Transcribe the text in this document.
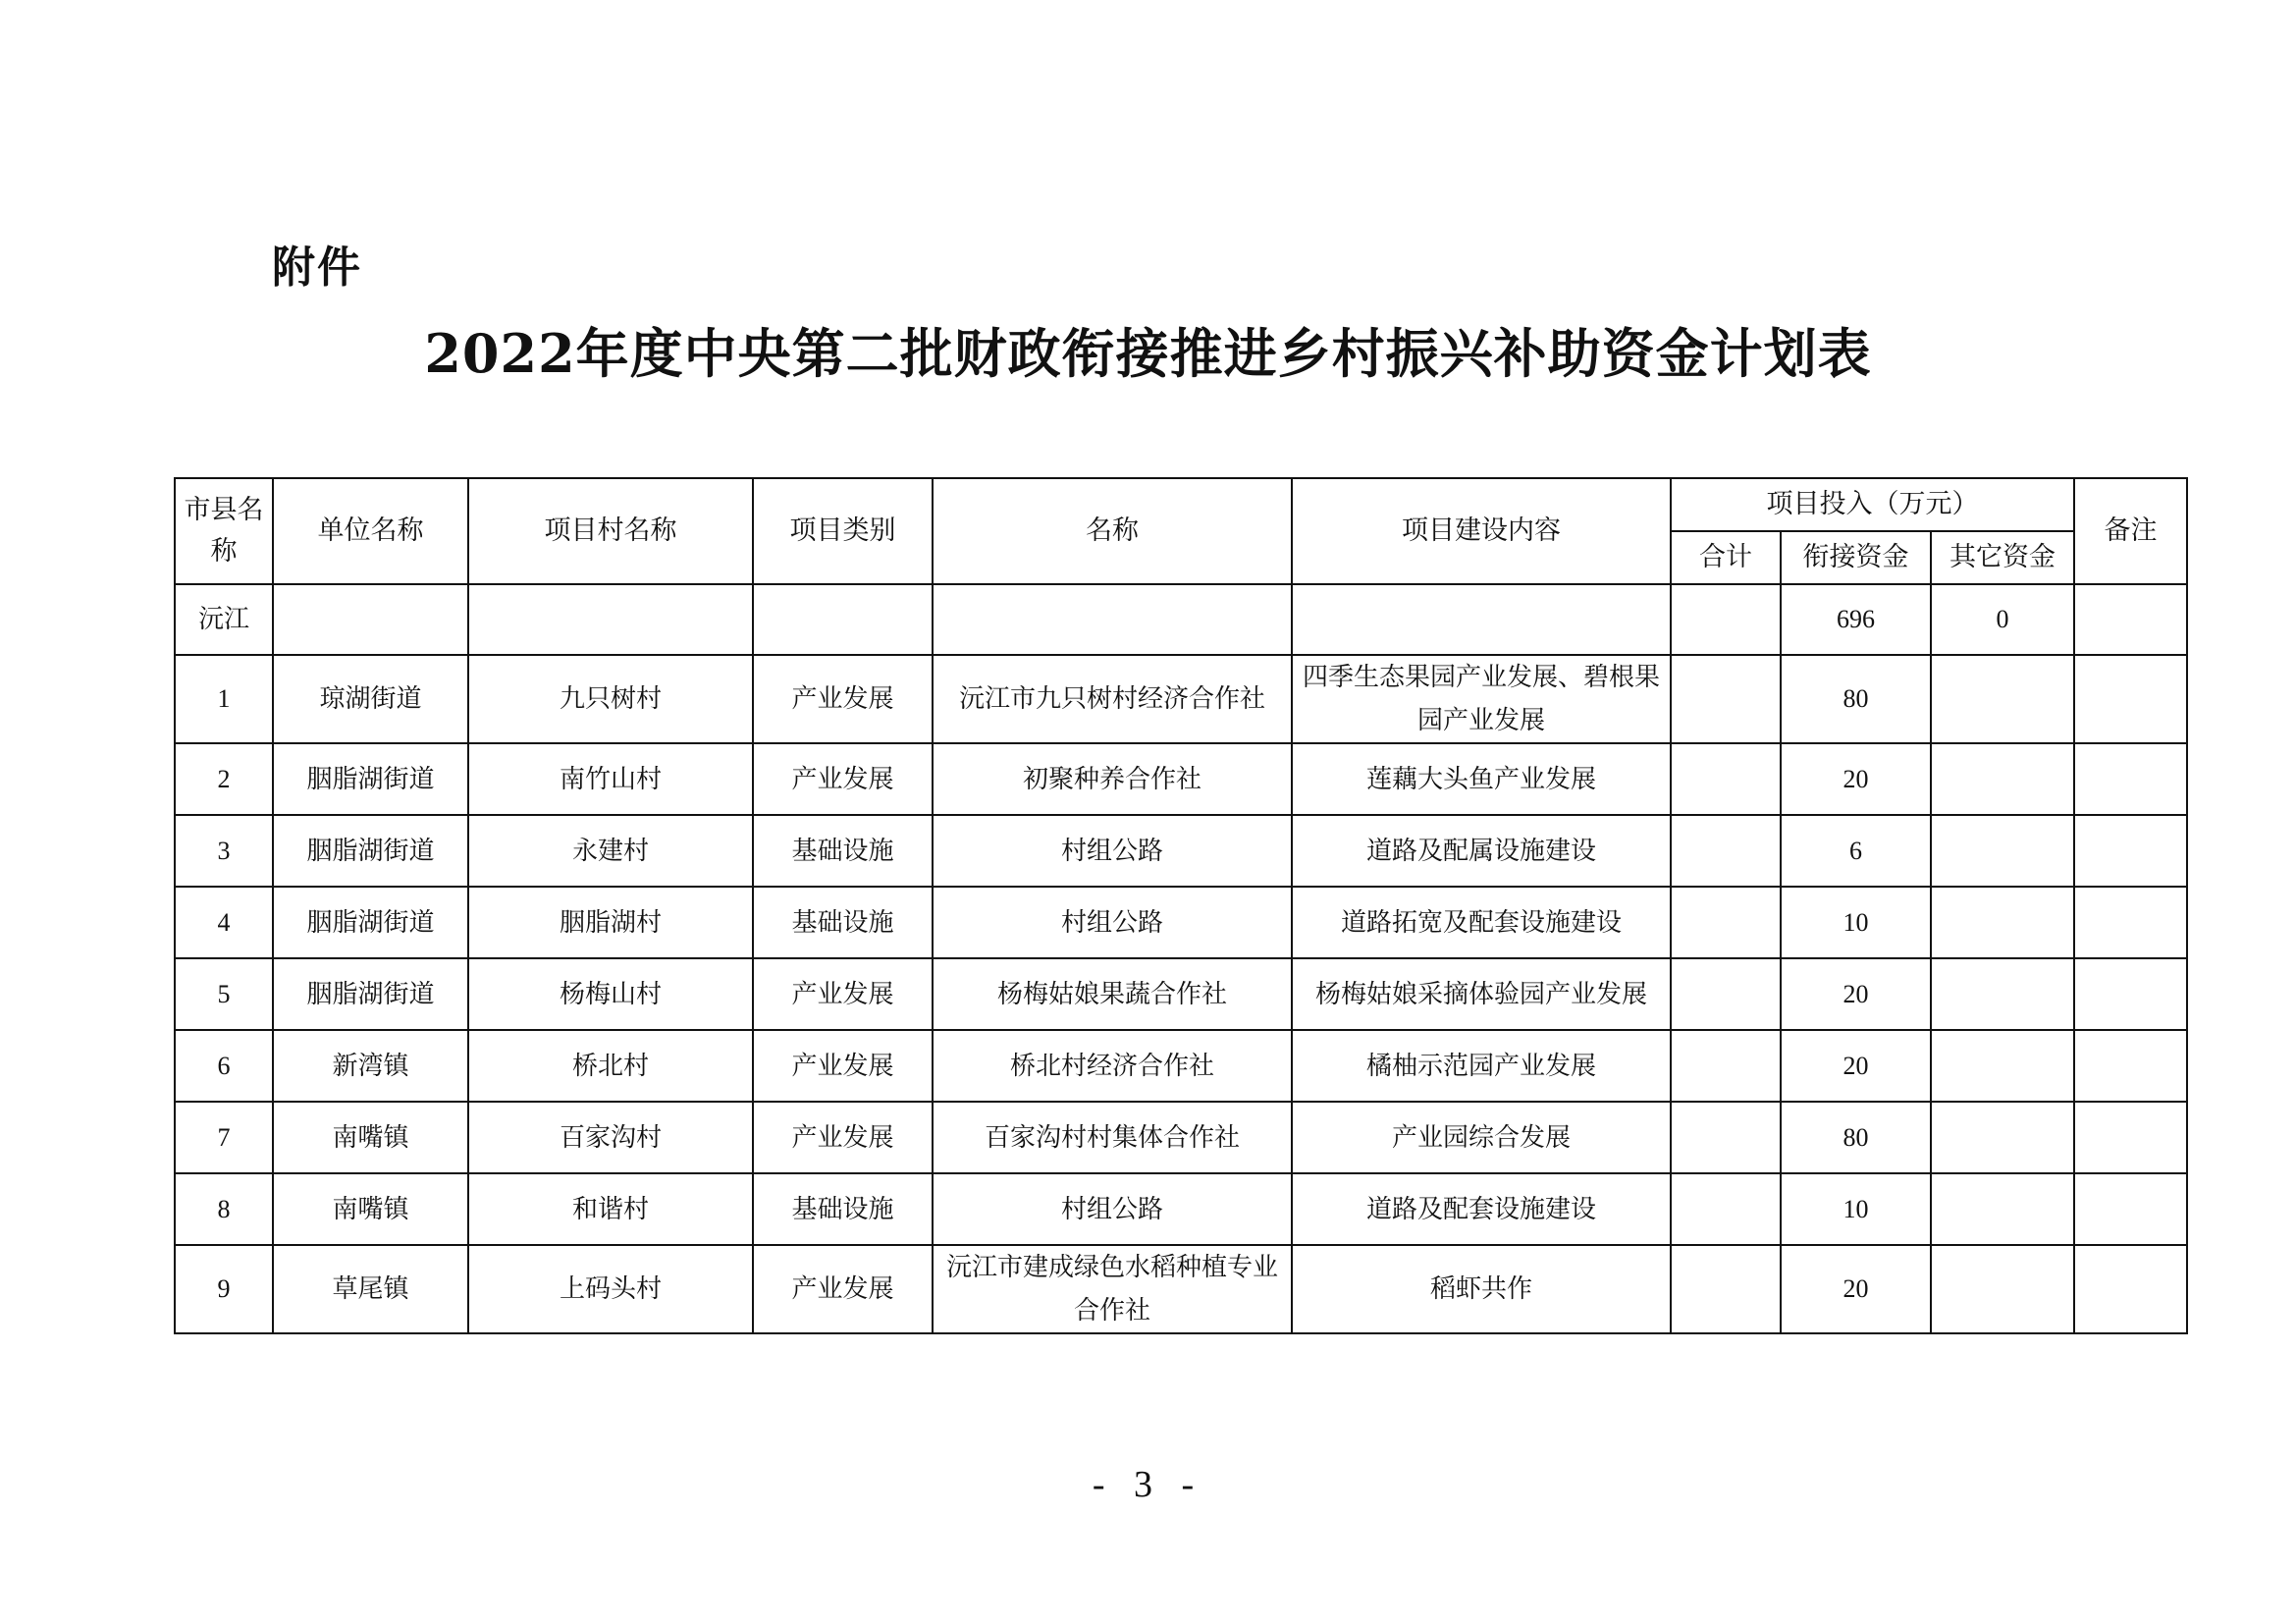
附件
2022年度中央第二批财政衔接推进乡村振兴补助资金计划表
市县名称	单位名称	项目村名称	项目类别	名称	项目建设内容	项目投入（万元）			备注
						合计	衔接资金	其它资金	
沅江							696	0	
1	琼湖街道	九只树村	产业发展	沅江市九只树村经济合作社	四季生态果园产业发展、碧根果园产业发展		80		
2	胭脂湖街道	南竹山村	产业发展	初聚种养合作社	莲藕大头鱼产业发展		20		
3	胭脂湖街道	永建村	基础设施	村组公路	道路及配属设施建设		6		
4	胭脂湖街道	胭脂湖村	基础设施	村组公路	道路拓宽及配套设施建设		10		
5	胭脂湖街道	杨梅山村	产业发展	杨梅姑娘果蔬合作社	杨梅姑娘采摘体验园产业发展		20		
6	新湾镇	桥北村	产业发展	桥北村经济合作社	橘柚示范园产业发展		20		
7	南嘴镇	百家沟村	产业发展	百家沟村村集体合作社	产业园综合发展		80		
8	南嘴镇	和谐村	基础设施	村组公路	道路及配套设施建设		10		
9	草尾镇	上码头村	产业发展	沅江市建成绿色水稻种植专业合作社	稻虾共作		20		
- 3 -
